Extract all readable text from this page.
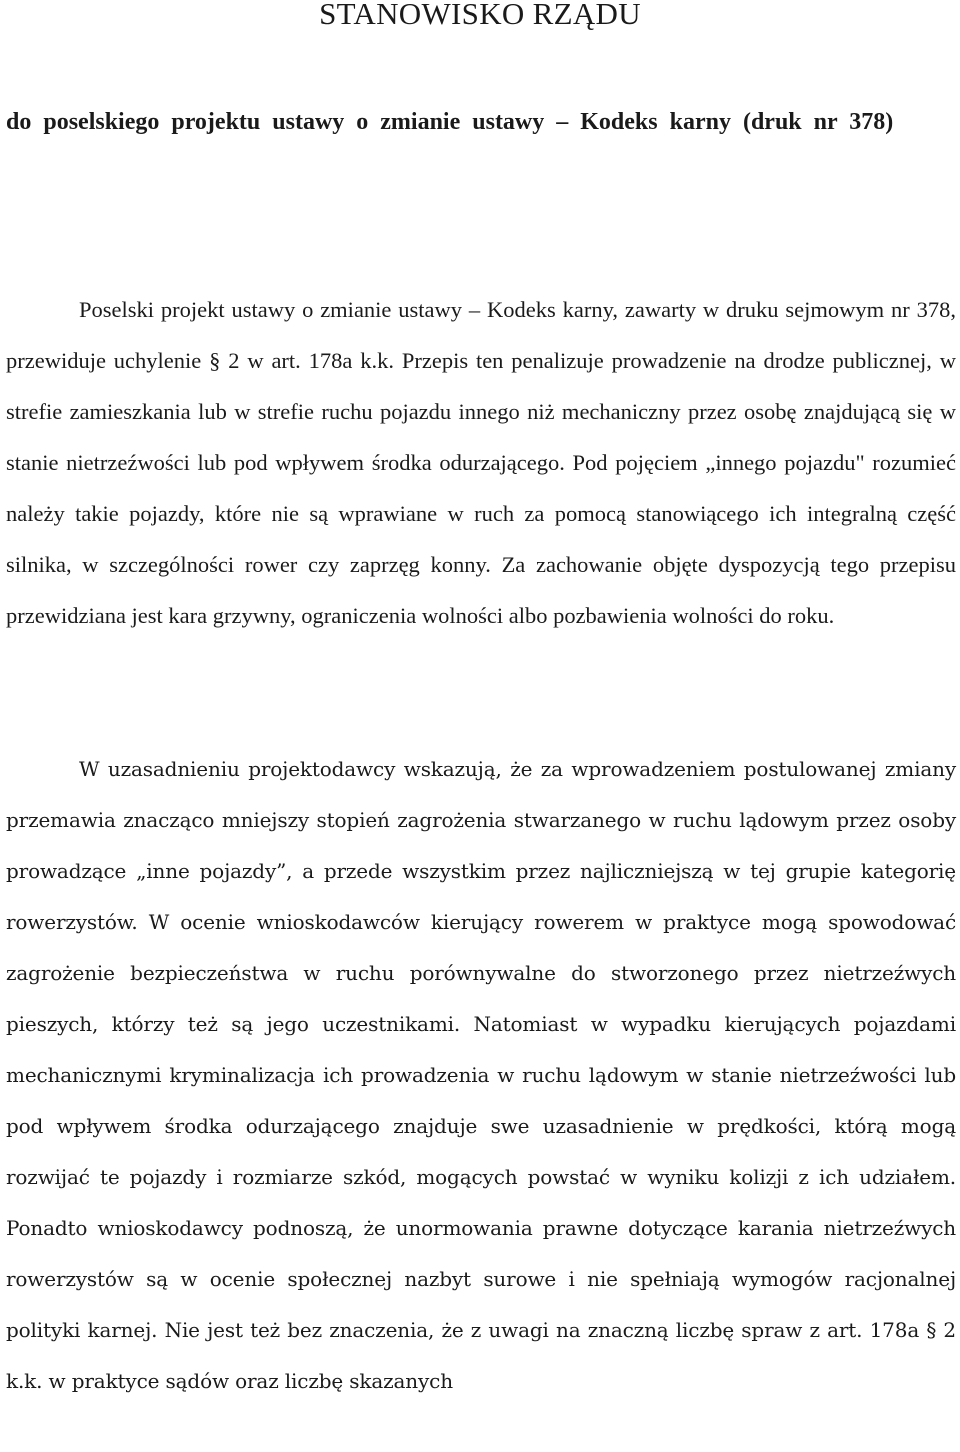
STANOWISKO RZĄDU

do poselskiego projektu ustawy o zmianie ustawy – Kodeks karny (druk nr 378)

Poselski projekt ustawy o zmianie ustawy – Kodeks karny, zawarty w druku sejmowym nr 378, przewiduje uchylenie § 2 w art. 178a k.k. Przepis ten penalizuje prowadzenie na drodze publicznej, w strefie zamieszkania lub w strefie ruchu pojazdu innego niż mechaniczny przez osobę znajdującą się w stanie nietrzeźwości lub pod wpływem środka odurzającego. Pod pojęciem „innego pojazdu" rozumieć należy takie pojazdy, które nie są wprawiane w ruch za pomocą stanowiącego ich integralną część silnika, w szczególności rower czy zaprzęg konny. Za zachowanie objęte dyspozycją tego przepisu przewidziana jest kara grzywny, ograniczenia wolności albo pozbawienia wolności do roku.

W uzasadnieniu projektodawcy wskazują, że za wprowadzeniem postulowanej zmiany przemawia znacząco mniejszy stopień zagrożenia stwarzanego w ruchu lądowym przez osoby prowadzące „inne pojazdy”, a przede wszystkim przez najliczniejszą w tej grupie kategorię rowerzystów. W ocenie wnioskodawców kierujący rowerem w praktyce mogą spowodować zagrożenie bezpieczeństwa w ruchu porównywalne do stworzonego przez nietrzeźwych pieszych, którzy też są jego uczestnikami. Natomiast w wypadku kierujących pojazdami mechanicznymi kryminalizacja ich prowadzenia w ruchu lądowym w stanie nietrzeźwości lub pod wpływem środka odurzającego znajduje swe uzasadnienie w prędkości, którą mogą rozwijać te pojazdy i rozmiarze szkód, mogących powstać w wyniku kolizji z ich udziałem. Ponadto wnioskodawcy podnoszą, że unormowania prawne dotyczące karania nietrzeźwych rowerzystów są w ocenie społecznej nazbyt surowe i nie spełniają wymogów racjonalnej polityki karnej. Nie jest też bez znaczenia, że z uwagi na znaczną liczbę spraw z art. 178a § 2 k.k. w praktyce sądów oraz liczbę skazanych
